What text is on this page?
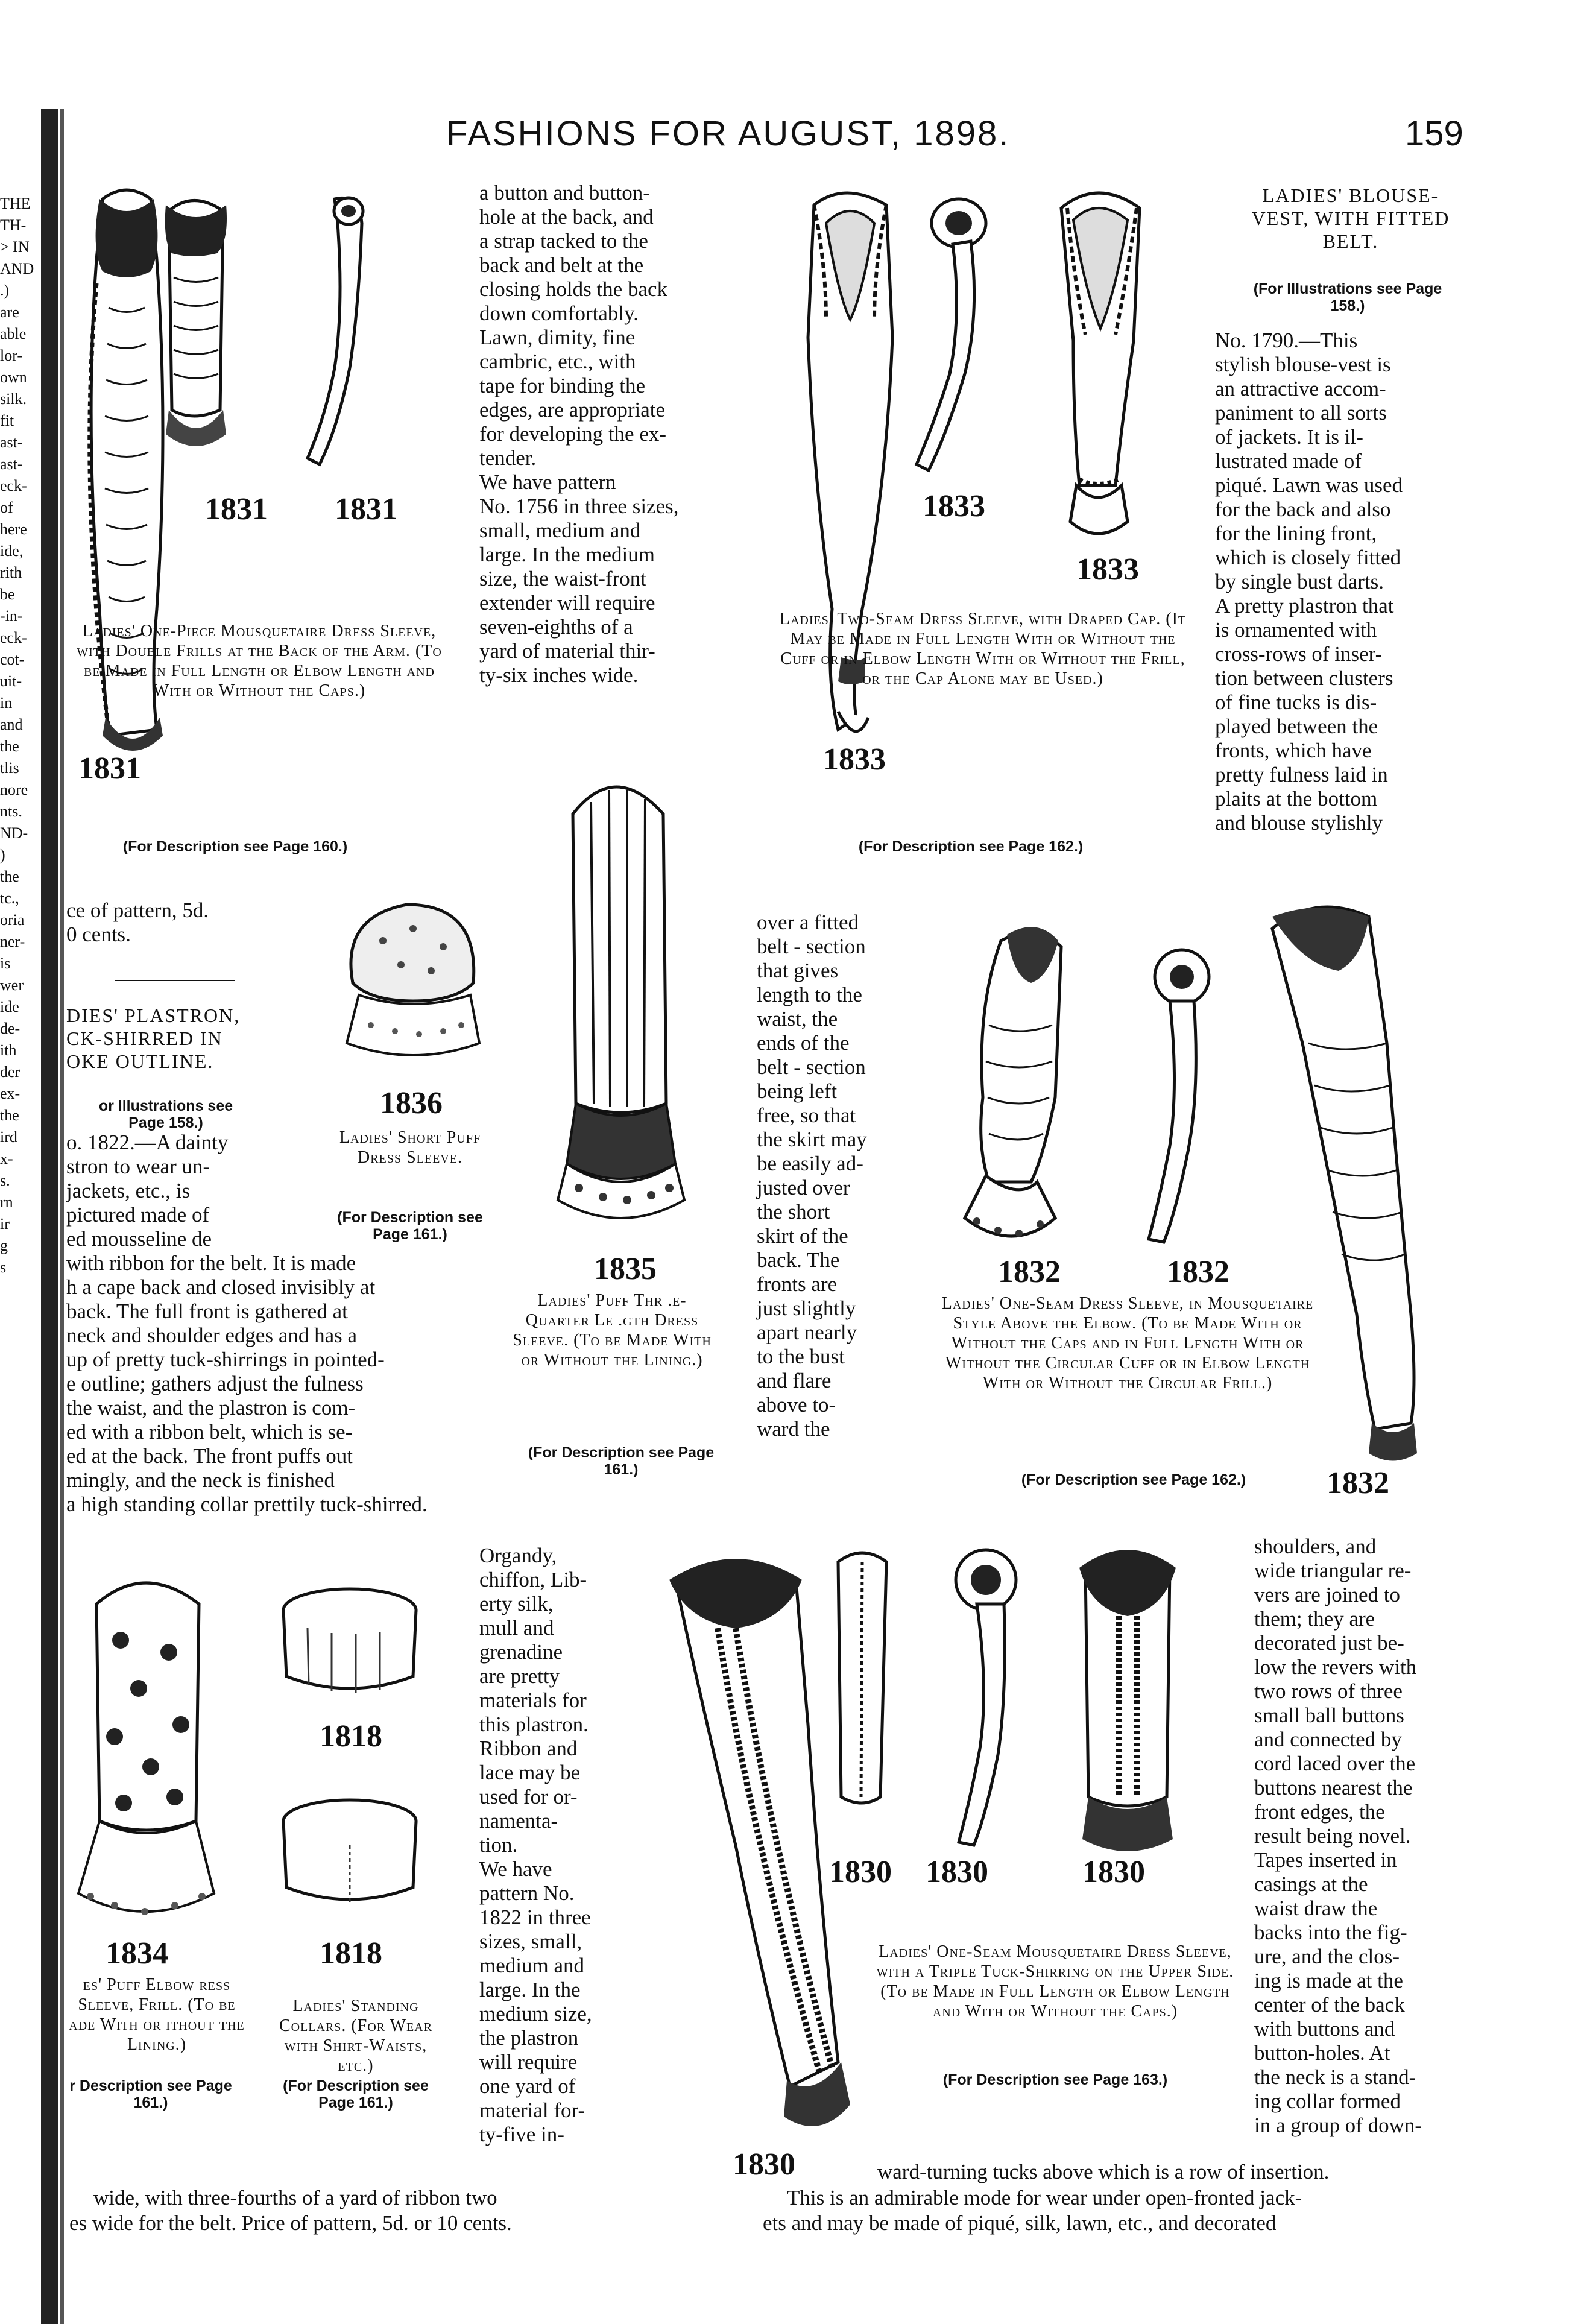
FASHIONS FOR AUGUST, 1898.	159
THE
TH-
> IN
AND
.)
are
able
lor-
own
silk.
fit
ast-
ast-
eck-
of
here
ide,
rith
be
-in-
eck-
cot-
uit-
in
and
the
tlis
nore
nts.
ND-
)
the
tc.,
oria
ner-
is
wer
ide
de-
ith
der
ex-
the
ird
x-
s.
rn
ir
g
s
1831 1831
1831
Ladies' One-Piece Mousquetaire Dress Sleeve, with Double Frills at the Back of the Arm. (To be Made in Full Length or Elbow Length and With or Without the Caps.)
(For Description see Page 160.)
a button and button-
hole at the back, and
a strap tacked to the
back and belt at the
closing holds the back
down comfortably.
Lawn, dimity, fine
cambric, etc., with
tape for binding the
edges, are appropriate
for developing the ex-
tender.
We have pattern
No. 1756 in three sizes,
small, medium and
large. In the medium
size, the waist-front
extender will require
seven-eighths of a
yard of material thir-
ty-six inches wide.
1833
1833
1833
Ladies' Two-Seam Dress Sleeve, with Draped Cap. (It May be Made in Full Length With or Without the Cuff or in Elbow Length With or Without the Frill, or the Cap Alone may be Used.)
(For Description see Page 162.)
LADIES' BLOUSE-
VEST, WITH FITTED
BELT.
(For Illustrations see Page 158.)
No. 1790.—This
stylish blouse-vest is
an attractive accom-
paniment to all sorts
of jackets. It is il-
lustrated made of
piqué. Lawn was used
for the back and also
for the lining front,
which is closely fitted
by single bust darts.
A pretty plastron that
is ornamented with
cross-rows of inser-
tion between clusters
of fine tucks is dis-
played between the
fronts, which have
pretty fulness laid in
plaits at the bottom
and blouse stylishly
ce of pattern, 5d.
0 cents.
DIES' PLASTRON,
CK-SHIRRED IN
OKE OUTLINE.
or Illustrations see
Page 158.)
o. 1822.—A dainty
stron to wear un-
jackets, etc., is
pictured made of
ed mousseline de
with ribbon for the belt. It is made
h a cape back and closed invisibly at
back. The full front is gathered at
neck and shoulder edges and has a
up of pretty tuck-shirrings in pointed-
e outline; gathers adjust the fulness
the waist, and the plastron is com-
ed with a ribbon belt, which is se-
ed at the back. The front puffs out
mingly, and the neck is finished
a high standing collar prettily tuck-shirred.
1836
Ladies' Short Puff Dress Sleeve.
(For Description see Page 161.)
1835
Ladies' Puff Thr .e-Quarter Le .gth Dress Sleeve. (To be Made With or Without the Lining.)
(For Description see Page 161.)
over a fitted
belt - section
that gives
length to the
waist, the
ends of the
belt - section
being left
free, so that
the skirt may
be easily ad-
justed over
the short
skirt of the
back. The
fronts are
just slightly
apart nearly
to the bust
and flare
above to-
ward the
1832	1832
1832
Ladies' One-Seam Dress Sleeve, in Mousquetaire Style Above the Elbow. (To be Made With or Without the Caps and in Full Length With or Without the Circular Cuff or in Elbow Length With or Without the Circular Frill.)
(For Description see Page 162.)
1834
es' Puff Elbow ress Sleeve, Frill. (To be ade With or ithout the Lining.)
r Description see Page 161.)
1818
1818
Ladies' Standing Collars. (For Wear with Shirt-Waists, etc.)
(For Description see Page 161.)
Organdy,
chiffon, Lib-
erty silk,
mull and
grenadine
are pretty
materials for
this plastron.
Ribbon and
lace may be
used for or-
namenta-
tion.
We have
pattern No.
1822 in three
sizes, small,
medium and
large. In the
medium size,
the plastron
will require
one yard of
material for-
ty-five in-
1830 1830	1830
1830
Ladies' One-Seam Mousquetaire Dress Sleeve, with a Triple Tuck-Shirring on the Upper Side. (To be Made in Full Length or Elbow Length and With or Without the Caps.)
(For Description see Page 163.)
shoulders, and
wide triangular re-
vers are joined to
them; they are
decorated just be-
low the revers with
two rows of three
small ball buttons
and connected by
cord laced over the
buttons nearest the
front edges, the
result being novel.
Tapes inserted in
casings at the
waist draw the
backs into the fig-
ure, and the clos-
ing is made at the
center of the back
with buttons and
button-holes. At
the neck is a stand-
ing collar formed
in a group of down-
wide, with three-fourths of a yard of ribbon two
es wide for the belt. Price of pattern, 5d. or 10 cents.
ward-turning tucks above which is a row of insertion.
This is an admirable mode for wear under open-fronted jack-
ets and may be made of piqué, silk, lawn, etc., and decorated
